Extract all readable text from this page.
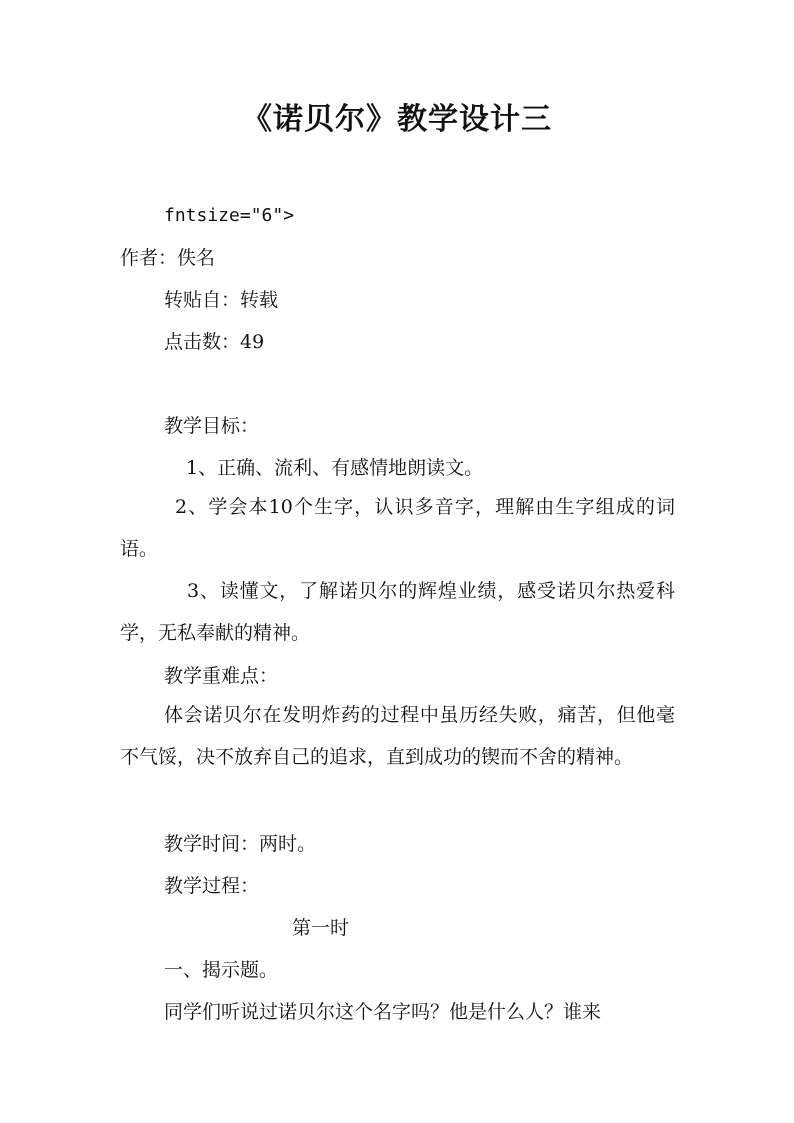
《诺贝尔》教学设计三
fntsize="6">
作者：佚名
转贴自：转载
点击数：49
教学目标：
1、正确、流利、有感情地朗读文。
2、学会本10个生字，认识多音字，理解由生字组成的词语。
3、读懂文，了解诺贝尔的辉煌业绩，感受诺贝尔热爱科学，无私奉献的精神。
教学重难点：
体会诺贝尔在发明炸药的过程中虽历经失败，痛苦，但他毫不气馁，决不放弃自己的追求，直到成功的锲而不舍的精神。
教学时间：两时。
教学过程：
第一时
一、揭示题。
同学们听说过诺贝尔这个名字吗？他是什么人？谁来
